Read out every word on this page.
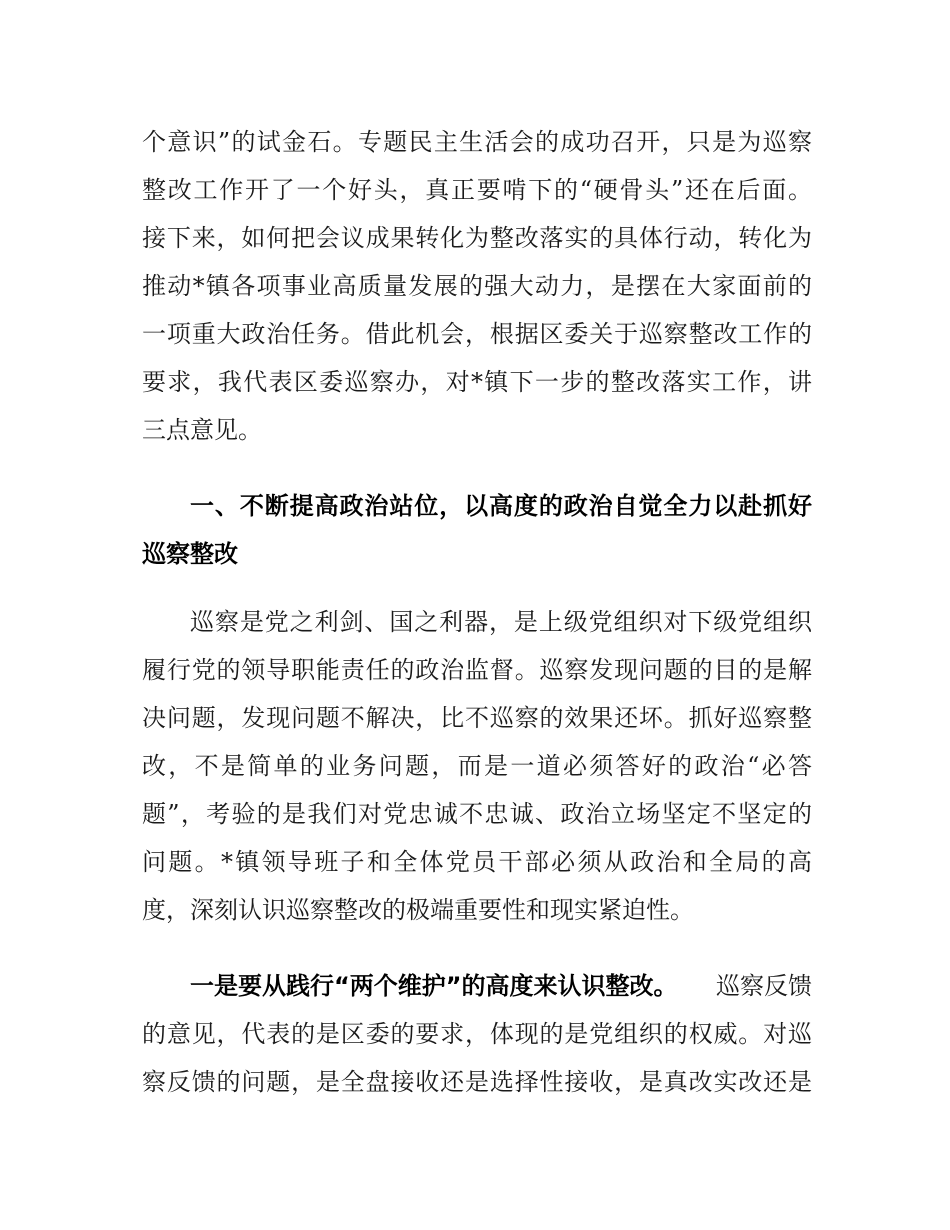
个意识”的试金石。专题民主生活会的成功召开，只是为巡察
整改工作开了一个好头，真正要啃下的“硬骨头”还在后面。
接下来，如何把会议成果转化为整改落实的具体行动，转化为
推动*镇各项事业高质量发展的强大动力，是摆在大家面前的
一项重大政治任务。借此机会，根据区委关于巡察整改工作的
要求，我代表区委巡察办，对*镇下一步的整改落实工作，讲
三点意见。
一、不断提高政治站位，以高度的政治自觉全力以赴抓好
巡察整改
巡察是党之利剑、国之利器，是上级党组织对下级党组织
履行党的领导职能责任的政治监督。巡察发现问题的目的是解
决问题，发现问题不解决，比不巡察的效果还坏。抓好巡察整
改，不是简单的业务问题，而是一道必须答好的政治“必答
题”，考验的是我们对党忠诚不忠诚、政治立场坚定不坚定的
问题。*镇领导班子和全体党员干部必须从政治和全局的高
度，深刻认识巡察整改的极端重要性和现实紧迫性。
一是要从践行“两个维护”的高度来认识整改。 巡察反馈
的意见，代表的是区委的要求，体现的是党组织的权威。对巡
察反馈的问题，是全盘接收还是选择性接收，是真改实改还是
